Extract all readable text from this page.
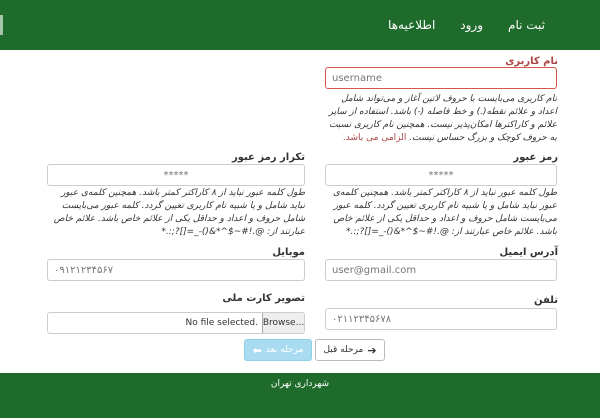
ثبت نام
ورود
اطلاعیه‌ها
نام کاربری
username
نام کاربری می‌بایست با حروف لاتین آغاز و می‌تواند شامل اعداد و علائم نقطه(.) و خط فاصله (-) باشد. استفاده از سایر علائم و کاراکترها امکان‌پذیر نیست. همچنین نام کاربری نسبت به حروف کوچک و بزرگ حساس نیست. الزامی می باشد.
رمز عبور
*****
طول کلمه عبور نباید از ۸ کاراکتر کمتر باشد. همچنین کلمه‌ی عبور نباید شامل و یا شبیه نام کاربری تعیین گردد. کلمه عبور می‌بایست شامل حروف و اعداد و حداقل یکی از علائم خاص باشد. علائم خاص عبارتند از: @.!#~$^*&()-_=[]?;:.*
تکرار رمز عبور
*****
طول کلمه عبور نباید از ۸ کاراکتر کمتر باشد. همچنین کلمه‌ی عبور نباید شامل و یا شبیه نام کاربری تعیین گردد. کلمه عبور می‌بایست شامل حروف و اعداد و حداقل یکی از علائم خاص باشد. علائم خاص عبارتند از: @.!#~$^*&()-_=[]?;:.*
آدرس ایمیل
user@gmail.com
موبایل
۰۹۱۲۱۲۳۴۵۶۷
تلفن
۰۲۱۱۲۳۴۵۶۷۸
تصویر کارت ملی
No file selected. Browse...
➔
مرحله قبل
مرحله بعد
⬅
شهرداری تهران
